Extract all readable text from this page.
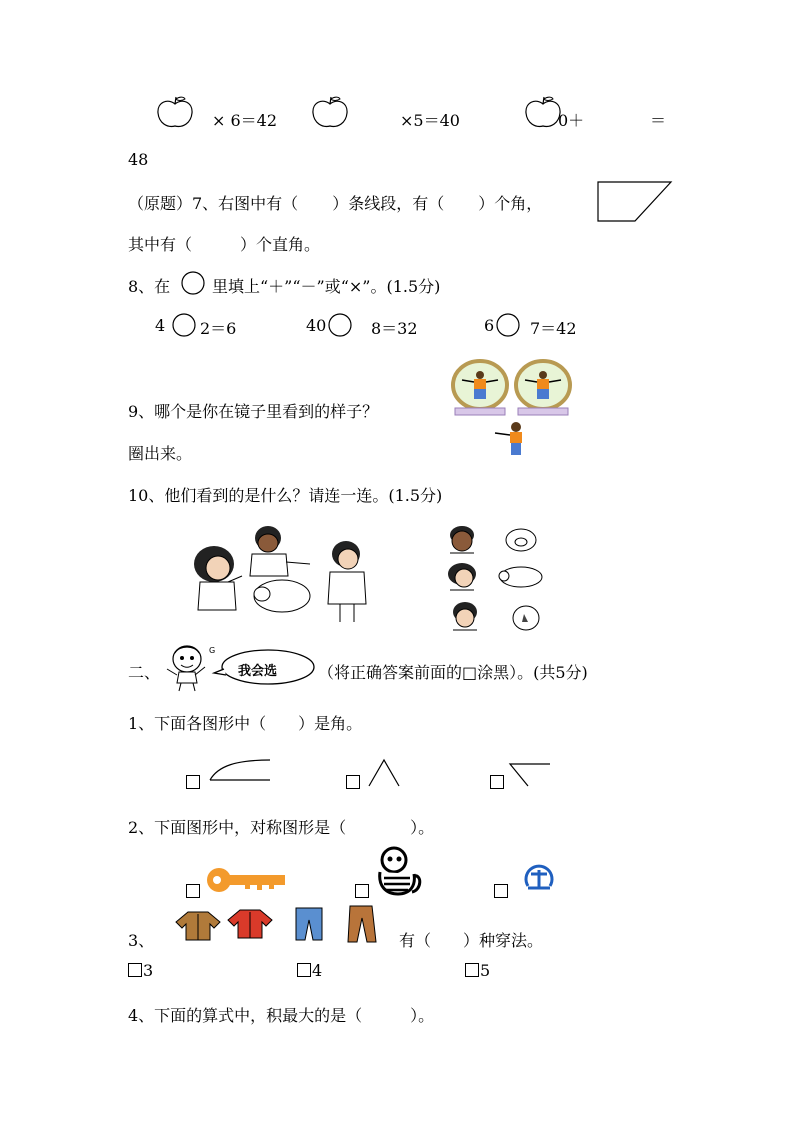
× 6＝42	×5＝40	0＋	＝
48
（原题）7、右图中有（ ）条线段，有（ ）个角，
其中有（	）个直角。
8、在	里填上“＋”“－”或“×”。(1.5分)
4 2＝6	40	8＝32	6 7＝42
9、哪个是你在镜子里看到的样子？
圈出来。
10、他们看到的是什么？请连一连。(1.5分)
二、
G
我会选	（将正确答案前面的□涂黑）。(共5分)
1、下面各图形中（　　）是角。
2、下面图形中，对称图形是（　　　　）。
3、	有（　　）种穿法。
3	4	5
4、下面的算式中，积最大的是（　　　）。
